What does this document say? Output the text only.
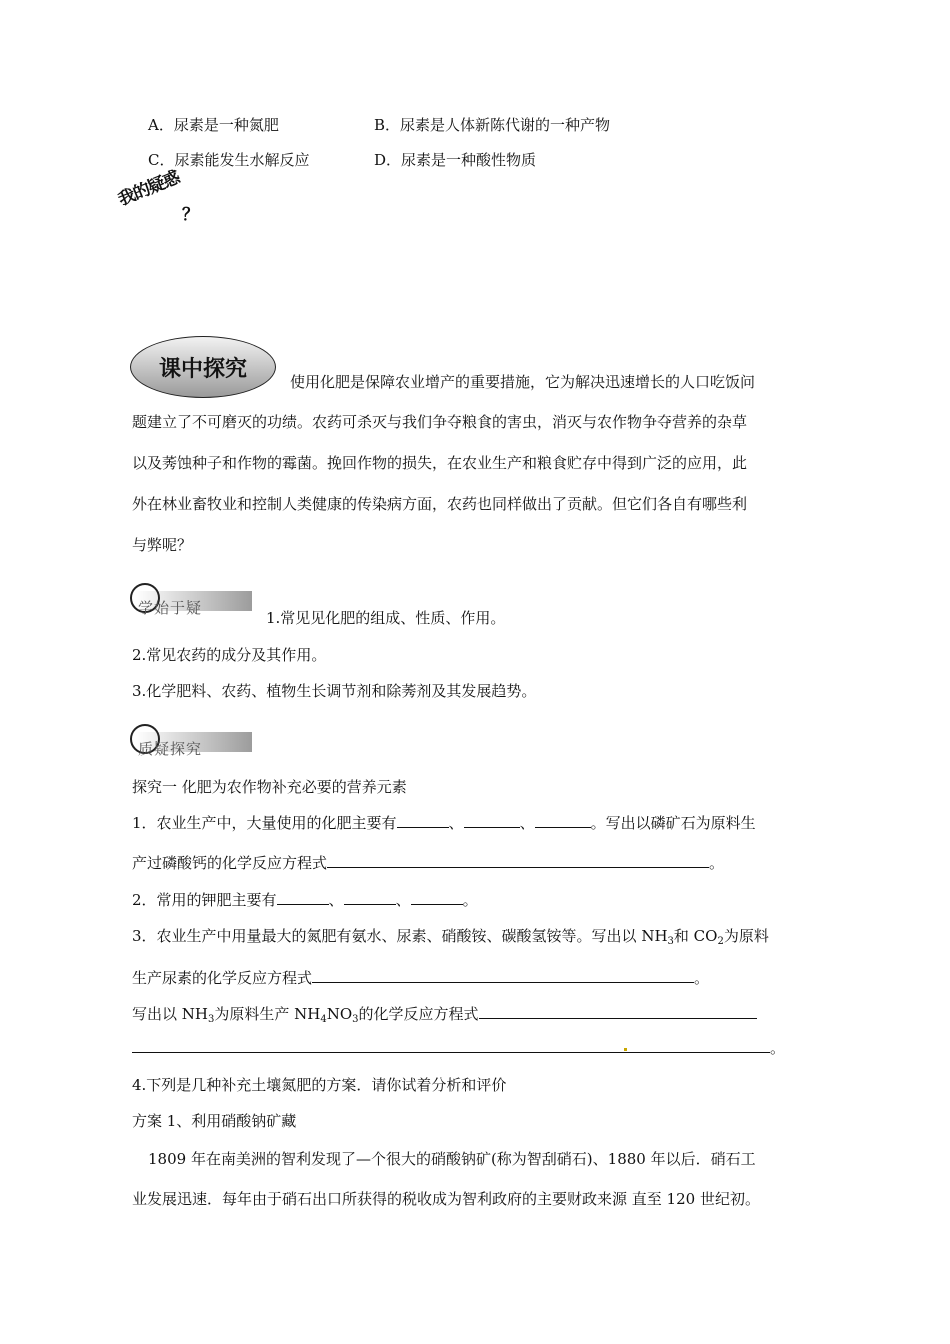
A．尿素是一种氮肥	B．尿素是人体新陈代谢的一种产物
C．尿素能发生水解反应	D．尿素是一种酸性物质
我的疑惑
？
课中探究
使用化肥是保障农业增产的重要措施，它为解决迅速增长的人口吃饭问
题建立了不可磨灭的功绩。农药可杀灭与我们争夺粮食的害虫，消灭与农作物争夺营养的杂草
以及莠蚀种子和作物的霉菌。挽回作物的损失，在农业生产和粮食贮存中得到广泛的应用，此
外在林业畜牧业和控制人类健康的传染病方面，农药也同样做出了贡献。但它们各自有哪些利
与弊呢？
学始于疑
1.常见见化肥的组成、性质、作用。
2.常见农药的成分及其作用。
3.化学肥料、农药、植物生长调节剂和除莠剂及其发展趋势。
质疑探究
探究一 化肥为农作物补充必要的营养元素
1．农业生产中，大量使用的化肥主要有	、	、	。写出以磷矿石为原料生
产过磷酸钙的化学反应方程式	。
2．常用的钾肥主要有	、	、	。
3．农业生产中用量最大的氮肥有氨水、尿素、硝酸铵、碳酸氢铵等。写出以 $NH_3$和 $CO_2$为原料
生产尿素的化学反应方程式	。
写出以 $NH_3$为原料生产 $NH_4NO_3$的化学反应方程式
。
4.下列是几种补充土壤氮肥的方案．请你试着分析和评价
方案 1、利用硝酸钠矿藏
1809 年在南美洲的智利发现了—个很大的硝酸钠矿(称为智刮硝石)、1880 年以后．硝石工
业发展迅速．每年由于硝石出口所获得的税收成为智利政府的主要财政来源 直至 120 世纪初。
